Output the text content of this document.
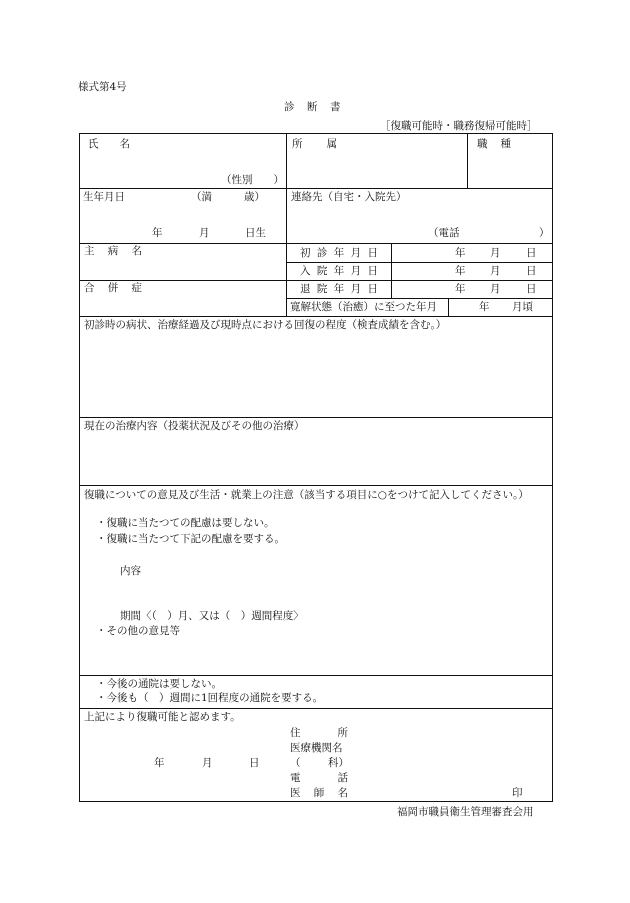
様式第4号
診　断　書
［復職可能時・職務復帰可能時］
氏 名
（性別　　）
所 属	職 種
生年月日	（満	歳）
年	月	日生
連絡先（自宅・入院先）
（電話	）
主 病 名
合 併 症
初 診 年 月 日	年 月 日
入 院 年 月 日	年 月 日
退 院 年 月 日	年 月 日
寛解状態（治癒）に至つた年月	年 月頃
初診時の病状、治療経過及び現時点における回復の程度（検査成績を含む。）
現在の治療内容（投薬状況及びその他の治療）
復職についての意見及び生活・就業上の注意（該当する項目に○をつけて記入してください。）
・復職に当たつての配慮は要しない。
・復職に当たつて下記の配慮を要する。
内容
期間〈（　）月、又は（　）週間程度〉
・その他の意見等
・今後の通院は要しない。
・今後も（　）週間に1回程度の通院を要する。
上記により復職可能と認めます。
年	月	日
住	所
医療機関名
（	科）
電	話
医 師 名	印
福岡市職員衛生管理審査会用
